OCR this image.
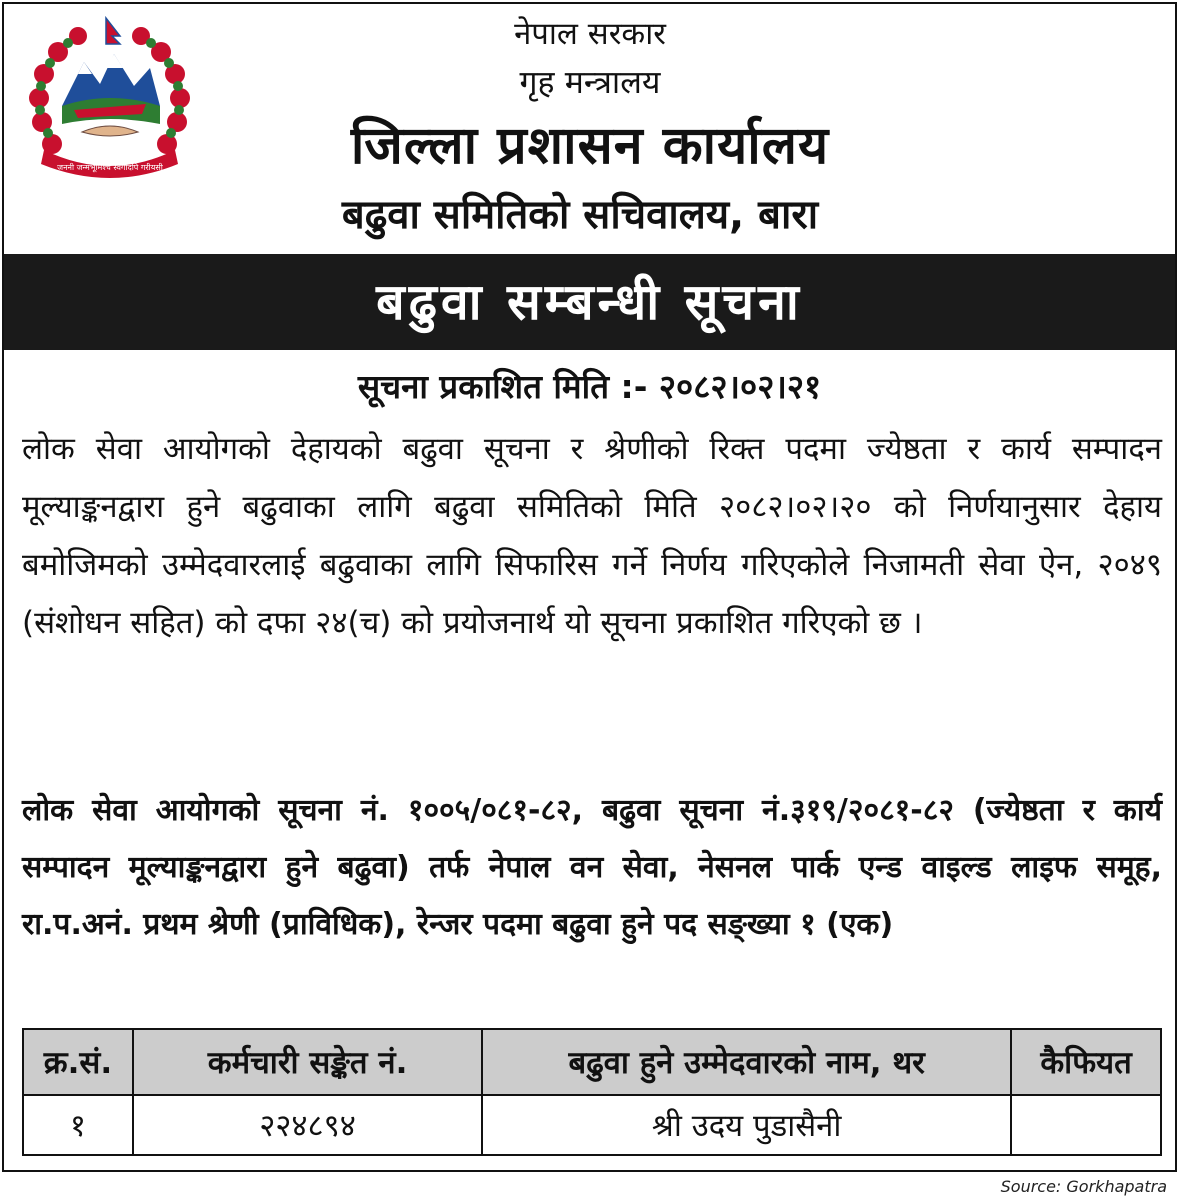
जननी जन्मभूमिश्च स्वर्गादपि गरीयसी
नेपाल सरकार
गृह मन्त्रालय
जिल्ला प्रशासन कार्यालय
बढुवा समितिको सचिवालय, बारा
बढुवा सम्बन्धी सूचना
सूचना प्रकाशित मिति :- २०८२।०२।२१
लोक सेवा आयोगको देहायको बढुवा सूचना र श्रेणीको रिक्त पदमा ज्येष्ठता र कार्य सम्पादन मूल्याङ्कनद्वारा हुने बढुवाका लागि बढुवा समितिको मिति २०८२।०२।२० को निर्णयानुसार देहाय बमोजिमको उम्मेदवारलाई बढुवाका लागि सिफारिस गर्ने निर्णय गरिएकोले निजामती सेवा ऐन, २०४९ (संशोधन सहित) को दफा २४(च) को प्रयोजनार्थ यो सूचना प्रकाशित गरिएको छ ।
लोक सेवा आयोगको सूचना नं. १००५/०८१-८२, बढुवा सूचना नं.३१९/२०८१-८२ (ज्येष्ठता र कार्य सम्पादन मूल्याङ्कनद्वारा हुने बढुवा) तर्फ नेपाल वन सेवा, नेसनल पार्क एन्ड वाइल्ड लाइफ समूह, रा.प.अनं. प्रथम श्रेणी (प्राविधिक), रेन्जर पदमा बढुवा हुने पद सङ्ख्या १ (एक)
क्र.सं.	कर्मचारी सङ्केत नं.	बढुवा हुने उम्मेदवारको नाम, थर	कैफियत
१	२२४८९४	श्री उदय पुडासैनी	
Source: Gorkhapatra
